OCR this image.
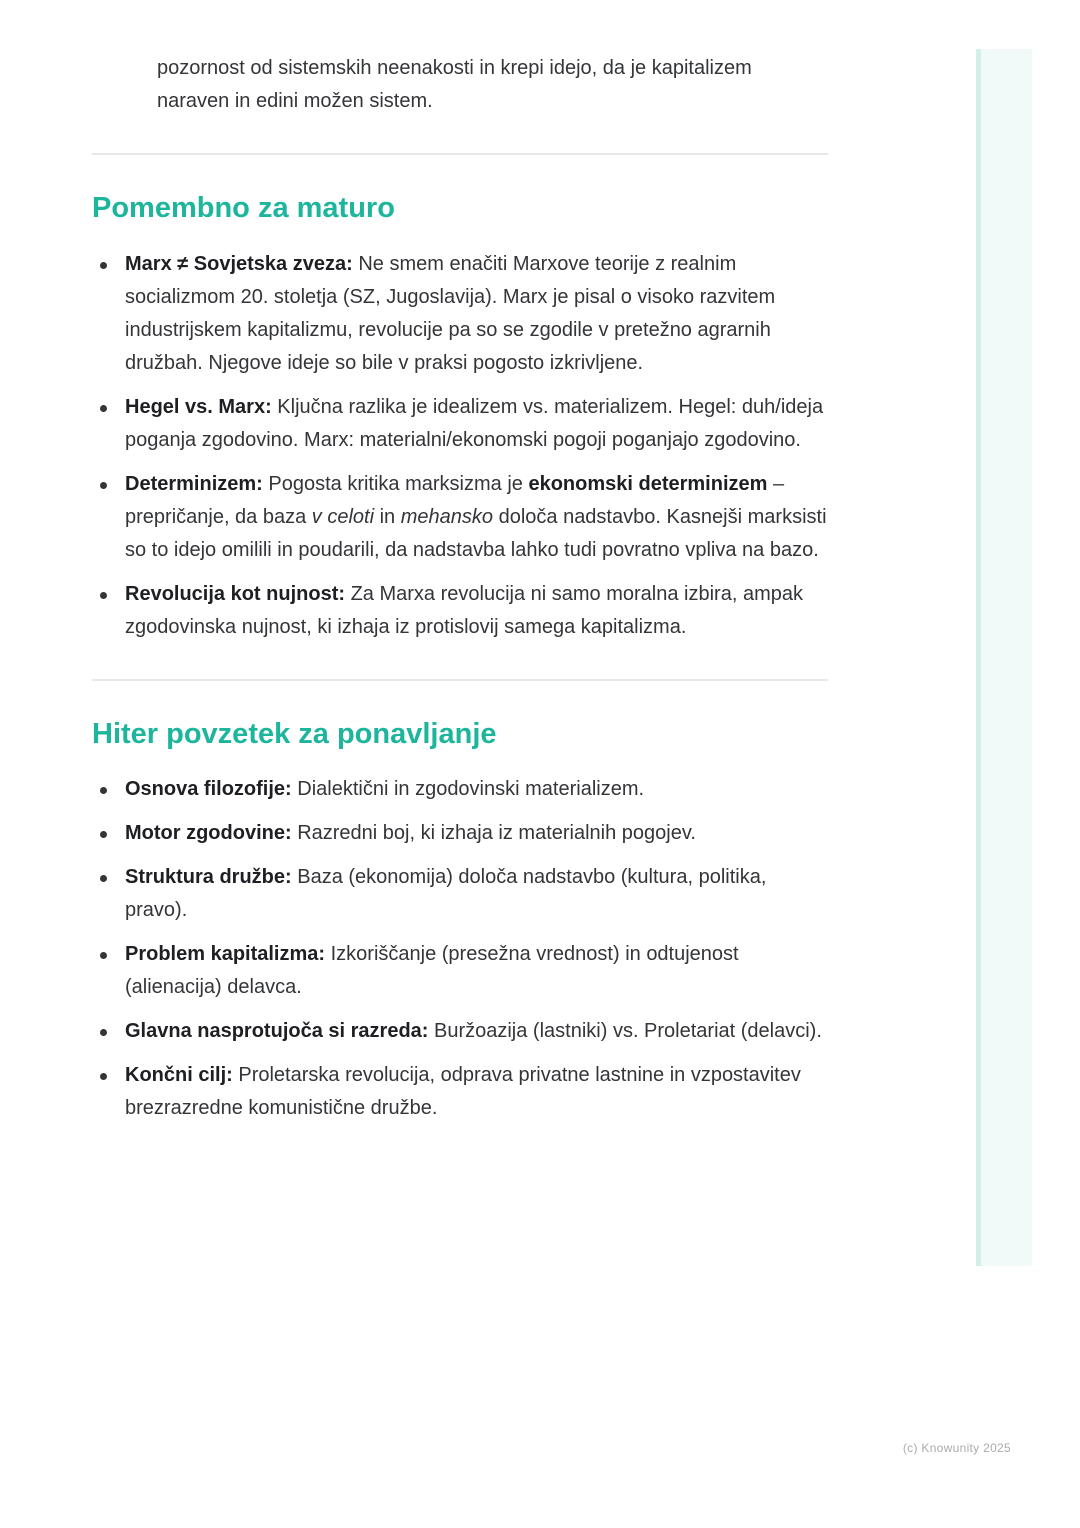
pozornost od sistemskih neenakosti in krepi idejo, da je kapitalizem naraven in edini možen sistem.

Pomembno za maturo
Marx ≠ Sovjetska zveza: Ne smem enačiti Marxove teorije z realnim socializmom 20. stoletja (SZ, Jugoslavija). Marx je pisal o visoko razvitem industrijskem kapitalizmu, revolucije pa so se zgodile v pretežno agrarnih družbah. Njegove ideje so bile v praksi pogosto izkrivljene.
Hegel vs. Marx: Ključna razlika je idealizem vs. materializem. Hegel: duh/ideja poganja zgodovino. Marx: materialni/ekonomski pogoji poganjajo zgodovino.
Determinizem: Pogosta kritika marksizma je ekonomski determinizem – prepričanje, da baza v celoti in mehansko določa nadstavbo. Kasnejši marksisti so to idejo omilili in poudarili, da nadstavba lahko tudi povratno vpliva na bazo.
Revolucija kot nujnost: Za Marxa revolucija ni samo moralna izbira, ampak zgodovinska nujnost, ki izhaja iz protislovij samega kapitalizma.
Hiter povzetek za ponavljanje
Osnova filozofije: Dialektični in zgodovinski materializem.
Motor zgodovine: Razredni boj, ki izhaja iz materialnih pogojev.
Struktura družbe: Baza (ekonomija) določa nadstavbo (kultura, politika, pravo).
Problem kapitalizma: Izkoriščanje (presežna vrednost) in odtujenost (alienacija) delavca.
Glavna nasprotujoča si razreda: Buržoazija (lastniki) vs. Proletariat (delavci).
Končni cilj: Proletarska revolucija, odprava privatne lastnine in vzpostavitev brezrazredne komunistične družbe.
(c) Knowunity 2025
